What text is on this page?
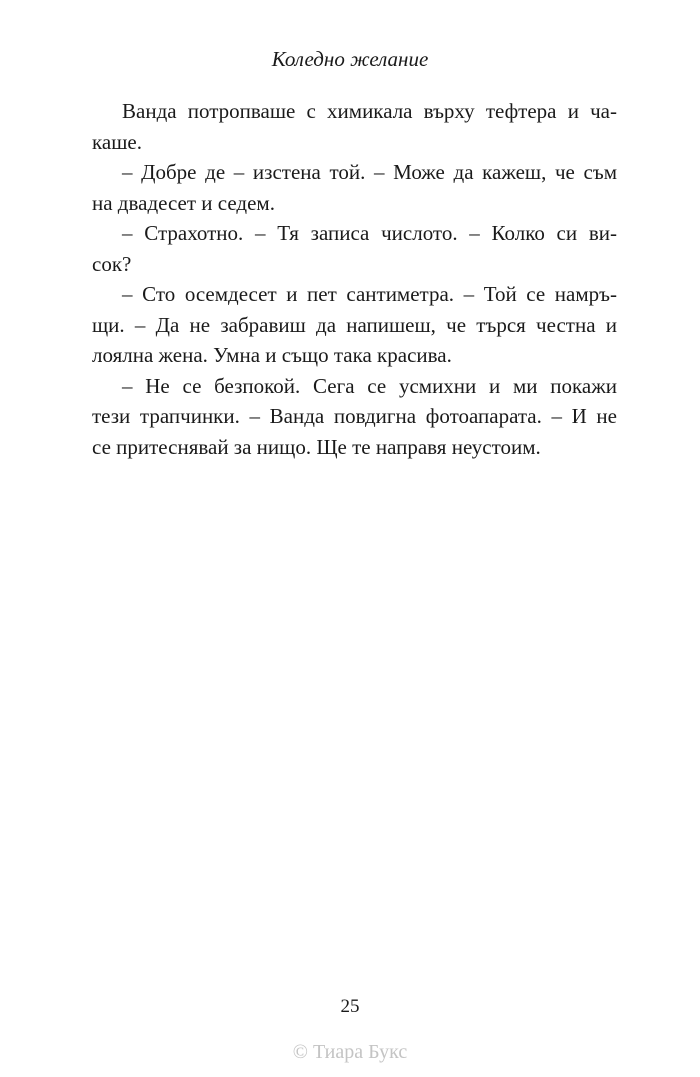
Коледно желание
Ванда потропваше с химикала върху тефтера и ча-
каше.
– Добре де – изстена той. – Може да кажеш, че съм
на двадесет и седем.
– Страхотно. – Тя записа числото. – Колко си ви-
сок?
– Сто осемдесет и пет сантиметра. – Той се намръ-
щи. – Да не забравиш да напишеш, че търся честна и
лоялна жена. Умна и също така красива.
– Не се безпокой. Сега се усмихни и ми покажи
тези трапчинки. – Ванда повдигна фотоапарата. – И не
се притеснявай за нищо. Ще те направя неустоим.
25
© Тиара Букс
